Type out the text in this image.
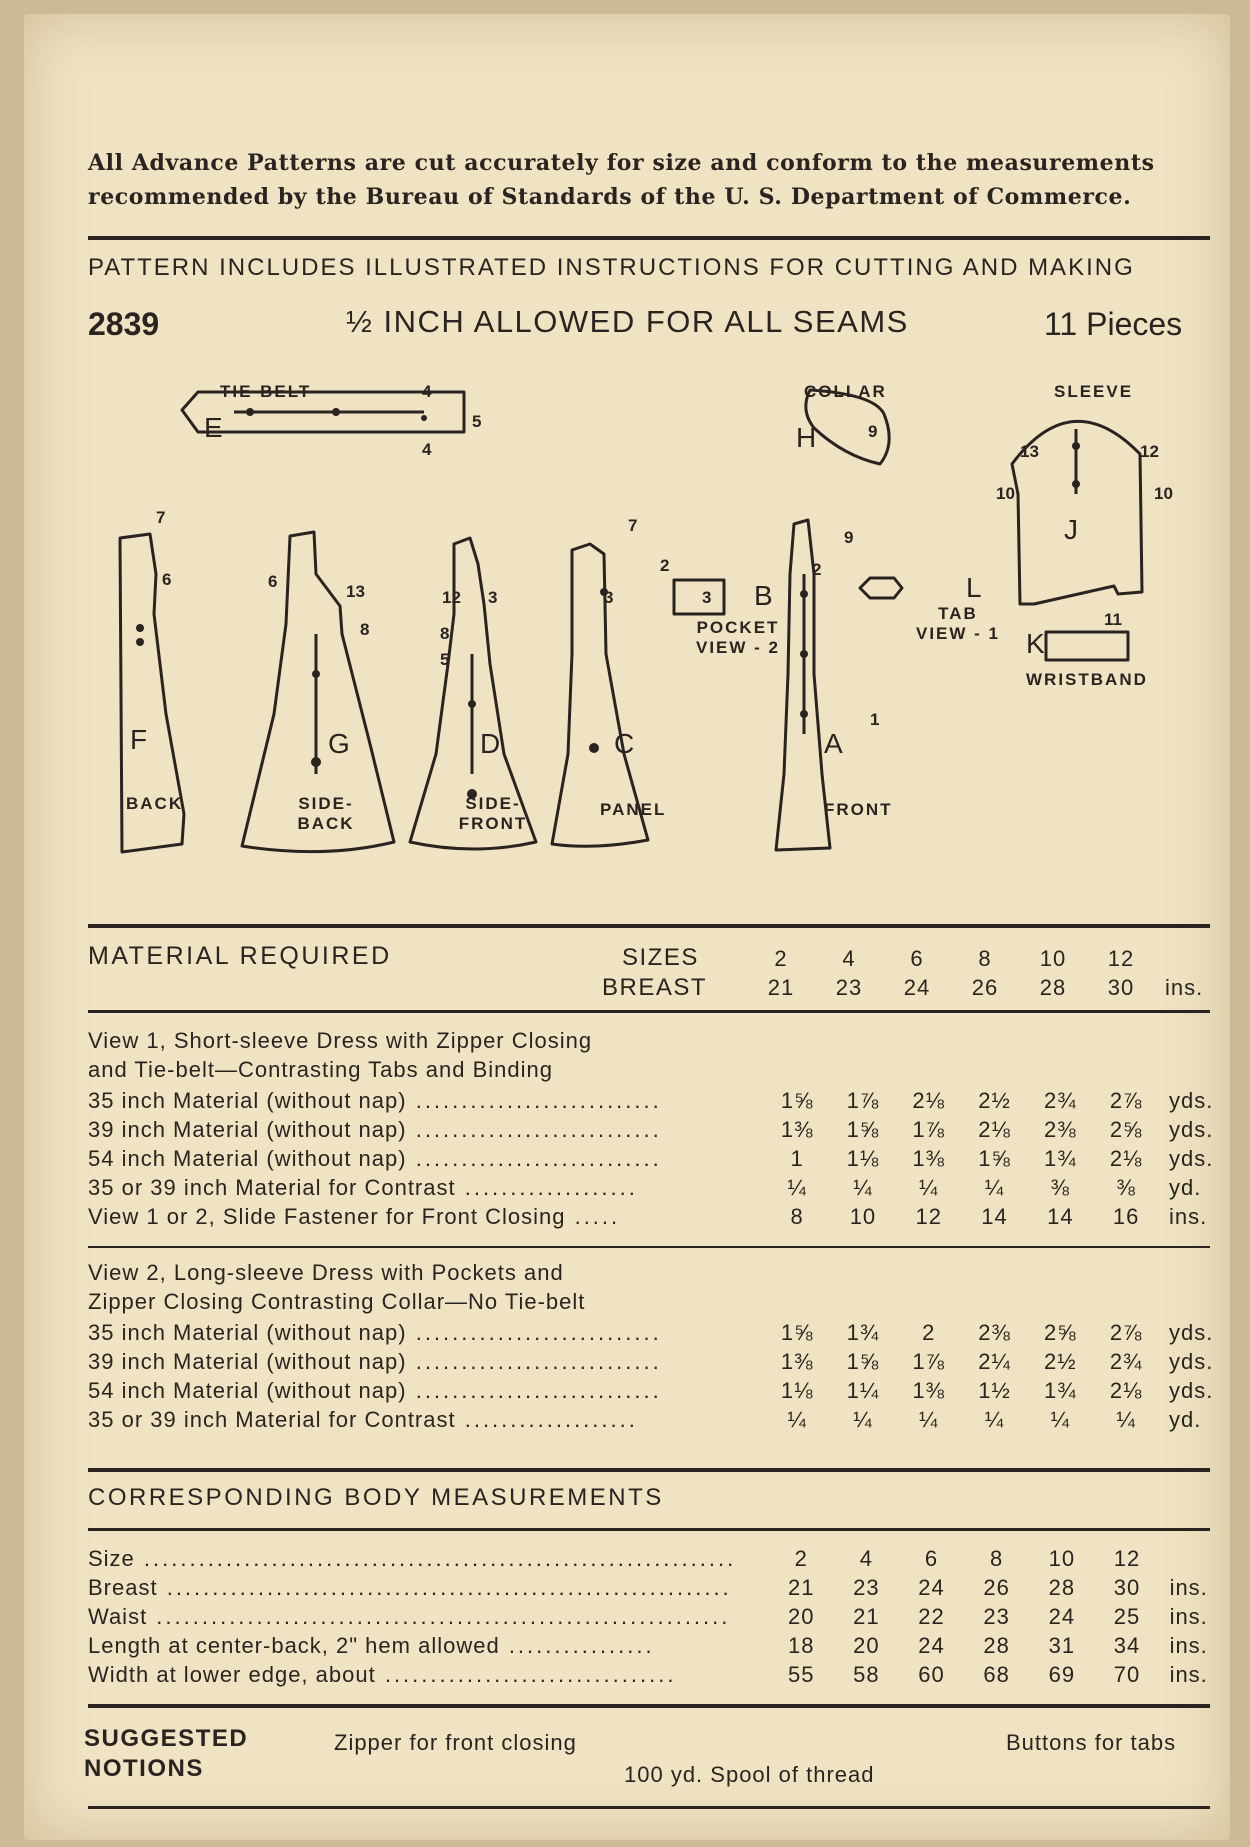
All Advance Patterns are cut accurately for size and conform to the measurements
recommended by the Bureau of Standards of the U. S. Department of Commerce.
PATTERN INCLUDES ILLUSTRATED INSTRUCTIONS FOR CUTTING AND MAKING
2839	½ INCH ALLOWED FOR ALL SEAMS	11 Pieces
TIE-BELT
E
4
4
5
COLLAR
H	9
SLEEVE
J
13	12
10	10
11
K
WRISTBAND
7
6
F
BACK
6
13
8
G
SIDE-
BACK
12 3
8
5
D
SIDE-
FRONT
7
2
3
C
PANEL
3 B
POCKET
VIEW - 2
9
2
1
A
FRONT
L
TAB
VIEW - 1
MATERIAL REQUIRED	SIZES
BREAST
2	4	6	8	10	12	
21	23	24	26	28	30	ins.
View 1, Short-sleeve Dress with Zipper Closing
and Tie-belt—Contrasting Tabs and Binding
35 inch Material (without nap) ...........................	1⅝	1⅞	2⅛	2½	2¾	2⅞	yds.
39 inch Material (without nap) ...........................	1⅜	1⅝	1⅞	2⅛	2⅜	2⅝	yds.
54 inch Material (without nap) ...........................	1	1⅛	1⅜	1⅝	1¾	2⅛	yds.
35 or 39 inch Material for Contrast ...................	¼	¼	¼	¼	⅜	⅜	yd.
View 1 or 2, Slide Fastener for Front Closing .....	8	10	12	14	14	16	ins.
View 2, Long-sleeve Dress with Pockets and
Zipper Closing Contrasting Collar—No Tie-belt
35 inch Material (without nap) ...........................	1⅝	1¾	2	2⅜	2⅝	2⅞	yds.
39 inch Material (without nap) ...........................	1⅜	1⅝	1⅞	2¼	2½	2¾	yds.
54 inch Material (without nap) ...........................	1⅛	1¼	1⅜	1½	1¾	2⅛	yds.
35 or 39 inch Material for Contrast ...................	¼	¼	¼	¼	¼	¼	yd.
CORRESPONDING BODY MEASUREMENTS
Size .................................................................	2	4	6	8	10	12	
Breast ..............................................................	21	23	24	26	28	30	ins.
Waist ...............................................................	20	21	22	23	24	25	ins.
Length at center-back, 2" hem allowed ................	18	20	24	28	31	34	ins.
Width at lower edge, about ................................	55	58	60	68	69	70	ins.
SUGGESTED
NOTIONS
Zipper for front closing
100 yd. Spool of thread
Buttons for tabs
